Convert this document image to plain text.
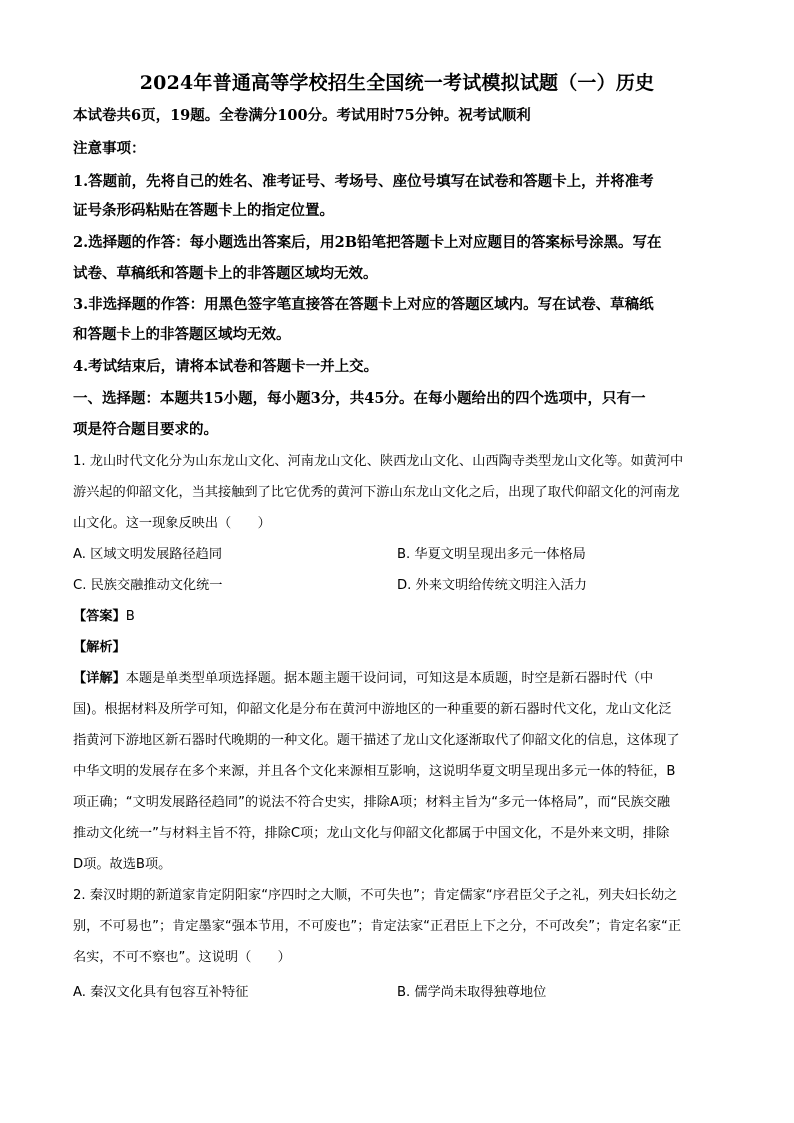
2024年普通高等学校招生全国统一考试模拟试题（一）历史
本试卷共6页，19题。全卷满分100分。考试用时75分钟。祝考试顺利
注意事项：
1.答题前，先将自己的姓名、准考证号、考场号、座位号填写在试卷和答题卡上，并将准考
证号条形码粘贴在答题卡上的指定位置。
2.选择题的作答：每小题选出答案后，用2B铅笔把答题卡上对应题目的答案标号涂黑。写在
试卷、草稿纸和答题卡上的非答题区域均无效。
3.非选择题的作答：用黑色签字笔直接答在答题卡上对应的答题区域内。写在试卷、草稿纸
和答题卡上的非答题区域均无效。
4.考试结束后，请将本试卷和答题卡一并上交。
一、选择题：本题共15小题，每小题3分，共45分。在每小题给出的四个选项中，只有一
项是符合题目要求的。
1. 龙山时代文化分为山东龙山文化、河南龙山文化、陕西龙山文化、山西陶寺类型龙山文化等。如黄河中
游兴起的仰韶文化，当其接触到了比它优秀的黄河下游山东龙山文化之后，出现了取代仰韶文化的河南龙
山文化。这一现象反映出（　　）
A. 区域文明发展路径趋同	B. 华夏文明呈现出多元一体格局
C. 民族交融推动文化统一	D. 外来文明给传统文明注入活力
【答案】B
【解析】
【详解】本题是单类型单项选择题。据本题主题干设问词，可知这是本质题，时空是新石器时代（中
国)。根据材料及所学可知，仰韶文化是分布在黄河中游地区的一种重要的新石器时代文化，龙山文化泛
指黄河下游地区新石器时代晚期的一种文化。题干描述了龙山文化逐渐取代了仰韶文化的信息，这体现了
中华文明的发展存在多个来源，并且各个文化来源相互影响，这说明华夏文明呈现出多元一体的特征，B
项正确；“文明发展路径趋同”的说法不符合史实，排除A项；材料主旨为“多元一体格局”，而“民族交融
推动文化统一”与材料主旨不符，排除C项；龙山文化与仰韶文化都属于中国文化，不是外来文明，排除
D项。故选B项。
2. 秦汉时期的新道家肯定阴阳家“序四时之大顺，不可失也”；肯定儒家“序君臣父子之礼，列夫妇长幼之
别，不可易也”；肯定墨家“强本节用，不可废也”；肯定法家“正君臣上下之分，不可改矣”；肯定名家“正
名实，不可不察也”。这说明（　　）
A. 秦汉文化具有包容互补特征	B. 儒学尚未取得独尊地位
